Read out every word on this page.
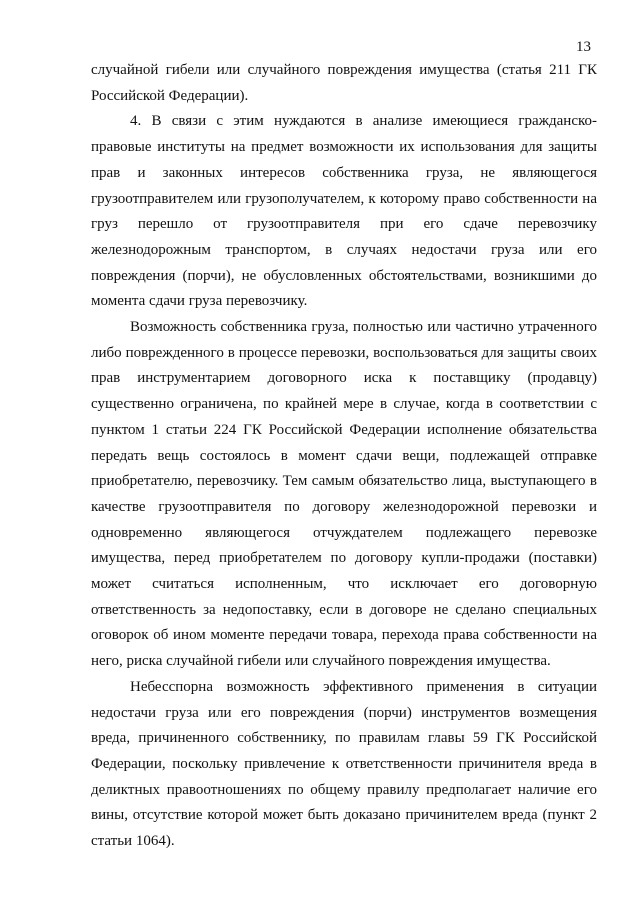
13

случайной гибели или случайного повреждения имущества (статья 211 ГК Российской Федерации).

4. В связи с этим нуждаются в анализе имеющиеся гражданско-правовые институты на предмет возможности их использования для защиты прав и законных интересов собственника груза, не являющегося грузоотправителем или грузополучателем, к которому право собственности на груз перешло от грузоотправителя при его сдаче перевозчику железнодорожным транспортом, в случаях недостачи груза или его повреждения (порчи), не обусловленных обстоятельствами, возникшими до момента сдачи груза перевозчику.

Возможность собственника груза, полностью или частично утраченного либо поврежденного в процессе перевозки, воспользоваться для защиты своих прав инструментарием договорного иска к поставщику (продавцу) существенно ограничена, по крайней мере в случае, когда в соответствии с пунктом 1 статьи 224 ГК Российской Федерации исполнение обязательства передать вещь состоялось в момент сдачи вещи, подлежащей отправке приобретателю, перевозчику. Тем самым обязательство лица, выступающего в качестве грузоотправителя по договору железнодорожной перевозки и одновременно являющегося отчуждателем подлежащего перевозке имущества, перед приобретателем по договору купли-продажи (поставки) может считаться исполненным, что исключает его договорную ответственность за недопоставку, если в договоре не сделано специальных оговорок об ином моменте передачи товара, перехода права собственности на него, риска случайной гибели или случайного повреждения имущества.

Небесспорна возможность эффективного применения в ситуации недостачи груза или его повреждения (порчи) инструментов возмещения вреда, причиненного собственнику, по правилам главы 59 ГК Российской Федерации, поскольку привлечение к ответственности причинителя вреда в деликтных правоотношениях по общему правилу предполагает наличие его вины, отсутствие которой может быть доказано причинителем вреда (пункт 2 статьи 1064).
